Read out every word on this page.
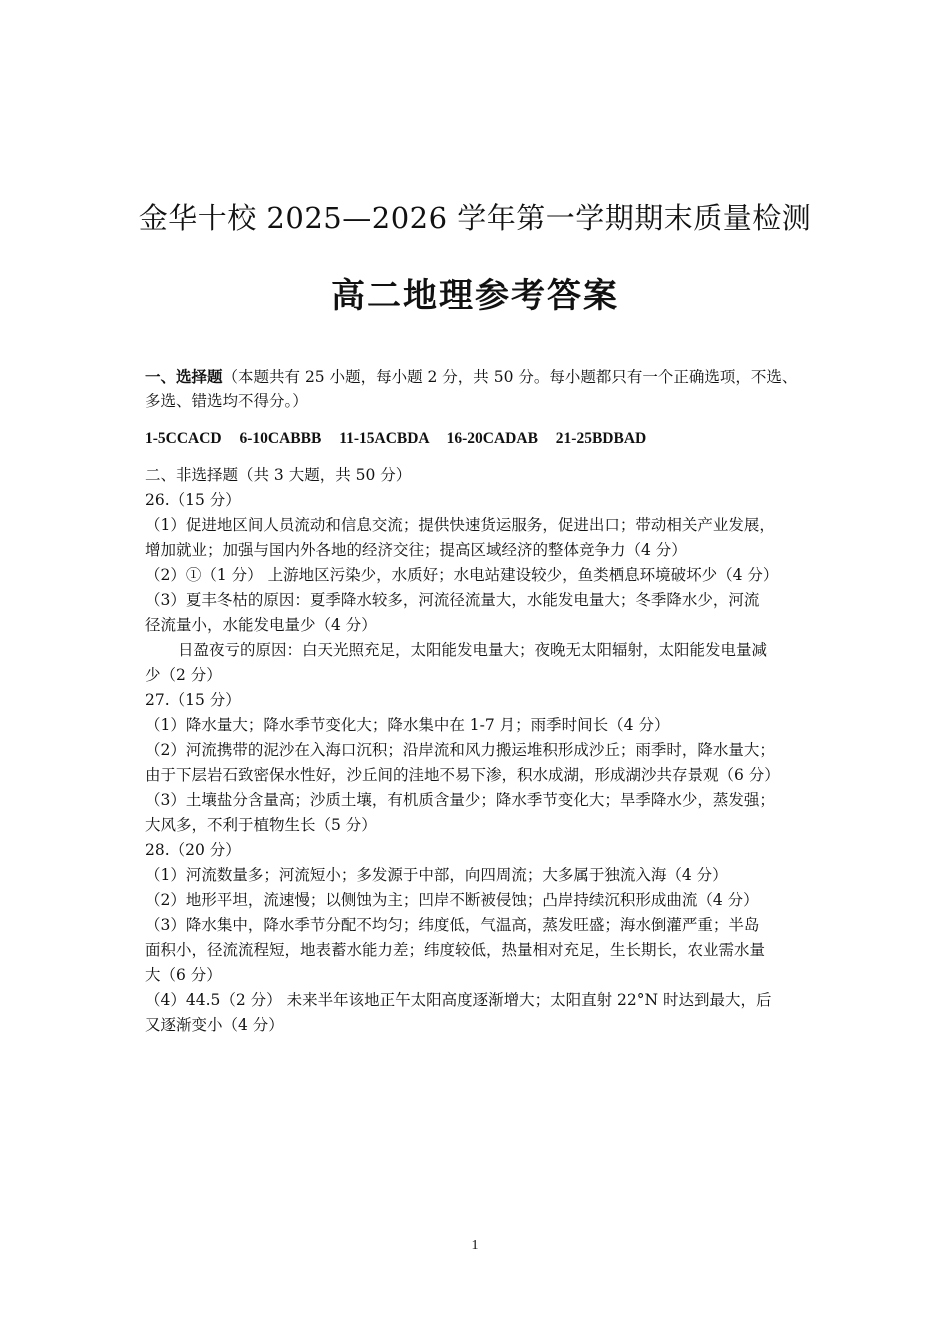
金华十校 2025—2026 学年第一学期期末质量检测
高二地理参考答案
一、选择题（本题共有 25 小题，每小题 2 分，共 50 分。每小题都只有一个正确选项，不选、
多选、错选均不得分。）
1-5CCACD 6-10CABBB 11-15ACBDA 16-20CADAB 21-25BDBAD
二、非选择题（共 3 大题，共 50 分）
26.（15 分）
（1）促进地区间人员流动和信息交流；提供快速货运服务，促进出口；带动相关产业发展，
增加就业；加强与国内外各地的经济交往；提高区域经济的整体竞争力（4 分）
（2）①（1 分） 上游地区污染少，水质好；水电站建设较少，鱼类栖息环境破坏少（4 分）
（3）夏丰冬枯的原因：夏季降水较多，河流径流量大，水能发电量大；冬季降水少，河流
径流量小，水能发电量少（4 分）
日盈夜亏的原因：白天光照充足，太阳能发电量大；夜晚无太阳辐射，太阳能发电量减
少（2 分）
27.（15 分）
（1）降水量大；降水季节变化大；降水集中在 1-7 月；雨季时间长（4 分）
（2）河流携带的泥沙在入海口沉积；沿岸流和风力搬运堆积形成沙丘；雨季时，降水量大；
由于下层岩石致密保水性好，沙丘间的洼地不易下渗，积水成湖，形成湖沙共存景观（6 分）
（3）土壤盐分含量高；沙质土壤，有机质含量少；降水季节变化大；旱季降水少，蒸发强；
大风多，不利于植物生长（5 分）
28.（20 分）
（1）河流数量多；河流短小；多发源于中部，向四周流；大多属于独流入海（4 分）
（2）地形平坦，流速慢；以侧蚀为主；凹岸不断被侵蚀；凸岸持续沉积形成曲流（4 分）
（3）降水集中，降水季节分配不均匀；纬度低，气温高，蒸发旺盛；海水倒灌严重；半岛
面积小，径流流程短，地表蓄水能力差；纬度较低，热量相对充足，生长期长，农业需水量
大（6 分）
（4）44.5（2 分） 未来半年该地正午太阳高度逐渐增大；太阳直射 22°N 时达到最大，后
又逐渐变小（4 分）
1
